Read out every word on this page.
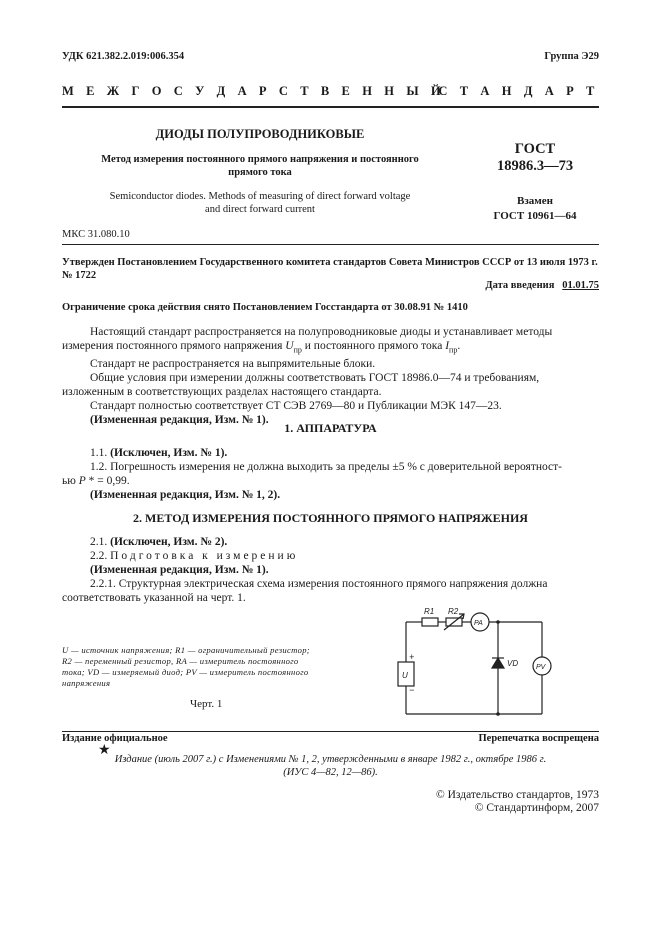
УДК 621.382.2.019:006.354	Группа Э29
М Е Ж Г О С У Д А Р С Т В Е Н Н Ы Й
С Т А Н Д А Р Т
ДИОДЫ ПОЛУПРОВОДНИКОВЫЕ
Метод измерения постоянного прямого напряжения и постоянного
прямого тока
Semiconductor diodes. Methods of measuring of direct forward voltage
and direct forward current
ГОСТ
18986.3—73
Взамен
ГОСТ 10961—64
МКС 31.080.10
Утвержден Постановлением Государственного комитета стандартов Совета Министров СССР от 13 июля 1973 г.
№ 1722
Дата введения 01.01.75
Ограничение срока действия снято Постановлением Госстандарта от 30.08.91 № 1410
Настоящий стандарт распространяется на полупроводниковые диоды и устанавливает методы
измерения постоянного прямого напряжения $U_{пр}$ и постоянного прямого тока $I_{пр}$.
Стандарт не распространяется на выпрямительные блоки.
Общие условия при измерении должны соответствовать ГОСТ 18986.0—74 и требованиям,
изложенным в соответствующих разделах настоящего стандарта.
Стандарт полностью соответствует СТ СЭВ 2769—80 и Публикации МЭК 147—23.
(Измененная редакция, Изм. № 1).
1. АППАРАТУРА
1.1. (Исключен, Изм. № 1).
1.2. Погрешность измерения не должна выходить за пределы ±5 % с доверительной вероятност-
ью P * = 0,99.
(Измененная редакция, Изм. № 1, 2).
2. МЕТОД ИЗМЕРЕНИЯ ПОСТОЯННОГО ПРЯМОГО НАПРЯЖЕНИЯ
2.1. (Исключен, Изм. № 2).
2.2. Подготовка к измерению
(Измененная редакция, Изм. № 1).
2.2.1. Структурная электрическая схема измерения постоянного прямого напряжения должна
соответствовать указанной на черт. 1.
U — источник напряжения; R1 — ограничительный резистор;
R2 — переменный резистор, RA — измеритель постоянного
тока; VD — измеряемый диод; PV — измеритель постоянного
напряжения
Черт. 1
R1 R2
PA
VD	PV
U
+
−
Издание официальное	Перепечатка воспрещена
★
Издание (июль 2007 г.) с Изменениями № 1, 2, утвержденными в январе 1982 г., октябре 1986 г.
(ИУС 4—82, 12—86).
© Издательство стандартов, 1973
© Стандартинформ, 2007
